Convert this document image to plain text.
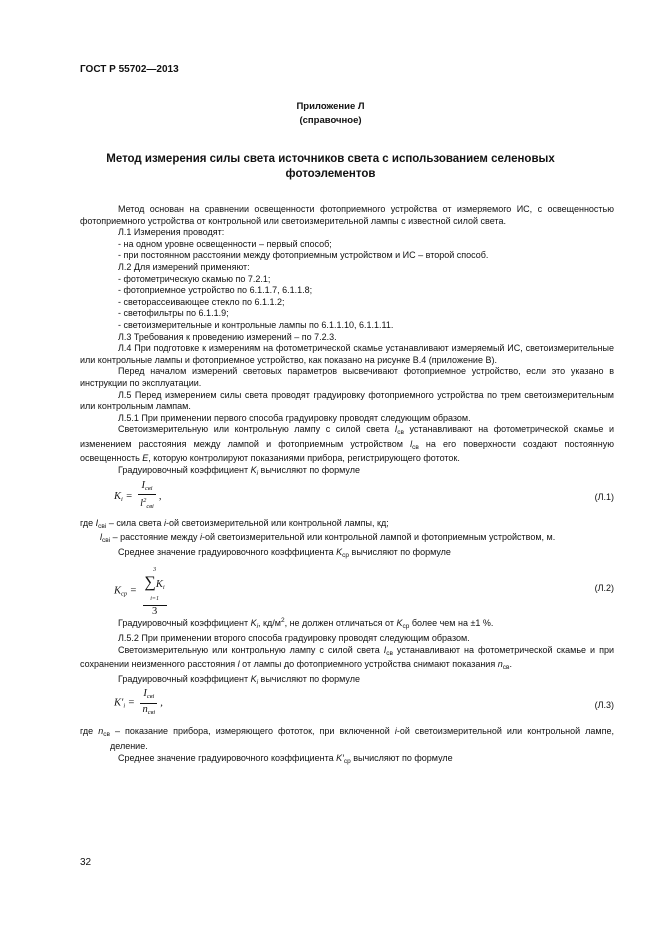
ГОСТ Р 55702—2013
Приложение Л
(справочное)
Метод измерения силы света источников света с использованием селеновых фотоэлементов

Метод основан на сравнении освещенности фотоприемного устройства от измеряемого ИС, с освещенностью фотоприемного устройства от контрольной или светоизмерительной лампы с известной силой света.

Л.1 Измерения проводят:

- на одном уровне освещенности – первый способ;

- при постоянном расстоянии между фотоприемным устройством и ИС – второй способ.

Л.2 Для измерений применяют:

- фотометрическую скамью по 7.2.1;

- фотоприемное устройство по 6.1.1.7, 6.1.1.8;

- светорассеивающее стекло по 6.1.1.2;

- светофильтры по 6.1.1.9;

- светоизмерительные и контрольные лампы по 6.1.1.10, 6.1.1.11.

Л.3 Требования к проведению измерений – по 7.2.3.

Л.4 При подготовке к измерениям на фотометрической скамье устанавливают измеряемый ИС, светоизмерительные или контрольные лампы и фотоприемное устройство, как показано на рисунке В.4 (приложение В).

Перед началом измерений световых параметров высвечивают фотоприемное устройство, если это указано в инструкции по эксплуатации.

Л.5 Перед измерением силы света проводят градуировку фотоприемного устройства по трем светоизмерительным или контрольным лампам.

Л.5.1 При применении первого способа градуировку проводят следующим образом.

Светоизмерительную или контрольную лампу с силой света $I_{св}$ устанавливают на фотометрической скамье и изменением расстояния между лампой и фотоприемным устройством $l_{св}$ на его поверхности создают постоянную освещенность E, которую контролируют показаниями прибора, регистрирующего фототок.

Градуировочный коэффициент $K_i$ вычисляют по формуле

$K_i = \frac{I_{свi}}{l^2_{свi}}$ ,	(Л.1)

где $I_{свi}$ – сила света i-ой светоизмерительной или контрольной лампы, кд;

$l_{свi}$ – расстояние между i-ой светоизмерительной или контрольной лампой и фотоприемным устройством, м.

Среднее значение градуировочного коэффициента $K_{ср}$ вычисляют по формуле

$K_{ср} = 3$
$\sum K_i$
i=1
3	(Л.2)

Градуировочный коэффициент $K_i$, $кд/м^2$, не должен отличаться от $K_{ср}$ более чем на ±1 %.

Л.5.2 При применении второго способа градуировку проводят следующим образом.

Светоизмерительную или контрольную лампу с силой света $I_{св}$ устанавливают на фотометрической скамье и при сохранении неизменного расстояния l от лампы до фотоприемного устройства снимают показания $n_{св}$.

Градуировочный коэффициент $K_i$ вычисляют по формуле

$K'_i = \frac{I_{свi}}{n_{свi}}$ ,	(Л.3)

где $n_{св}$ – показание прибора, измеряющего фототок, при включенной i-ой светоизмерительной или контрольной лампе, деление.

Среднее значение градуировочного коэффициента $K'_{ср}$ вычисляют по формуле

32
